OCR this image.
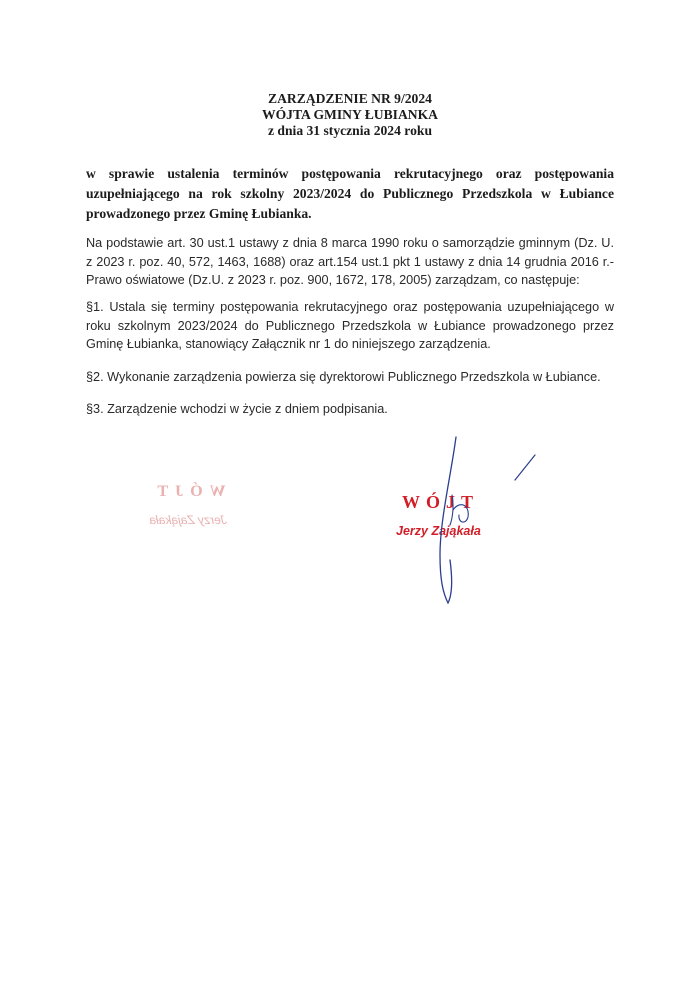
ZARZĄDZENIE NR 9/2024
WÓJTA GMINY ŁUBIANKA
z dnia 31 stycznia 2024 roku
w sprawie ustalenia terminów postępowania rekrutacyjnego oraz postępowania uzupełniającego na rok szkolny 2023/2024 do Publicznego Przedszkola w Łubiance prowadzonego przez Gminę Łubianka.
Na podstawie art. 30 ust.1 ustawy z dnia 8 marca 1990 roku o samorządzie gminnym (Dz. U. z 2023 r. poz. 40, 572, 1463, 1688) oraz art.154 ust.1 pkt 1 ustawy z dnia 14 grudnia 2016 r.- Prawo oświatowe (Dz.U. z 2023 r. poz. 900, 1672, 178, 2005) zarządzam, co następuje:
§1. Ustala się terminy postępowania rekrutacyjnego oraz postępowania uzupełniającego w roku szkolnym 2023/2024 do Publicznego Przedszkola w Łubiance prowadzonego przez Gminę Łubianka, stanowiący Załącznik nr 1 do niniejszego zarządzenia.
§2. Wykonanie zarządzenia powierza się dyrektorowi Publicznego Przedszkola w Łubiance.
§3. Zarządzenie wchodzi w życie z dniem podpisania.
WÓJT
Jerzy Zająkała
WÓJT
Jerzy Zająkała
